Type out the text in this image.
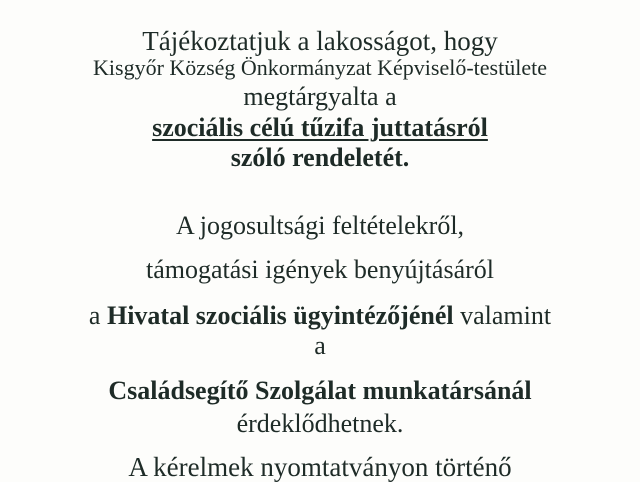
Tájékoztatjuk a lakosságot, hogy
Kisgyőr Község Önkormányzat Képviselő-testülete
megtárgyalta a
szociális célú tűzifa juttatásról
szóló rendeletét.
A jogosultsági feltételekről,
támogatási igények benyújtásáról
a Hivatal szociális ügyintézőjénél valamint
a
Családsegítő Szolgálat munkatársánál
érdeklődhetnek.
A kérelmek nyomtatványon történő
